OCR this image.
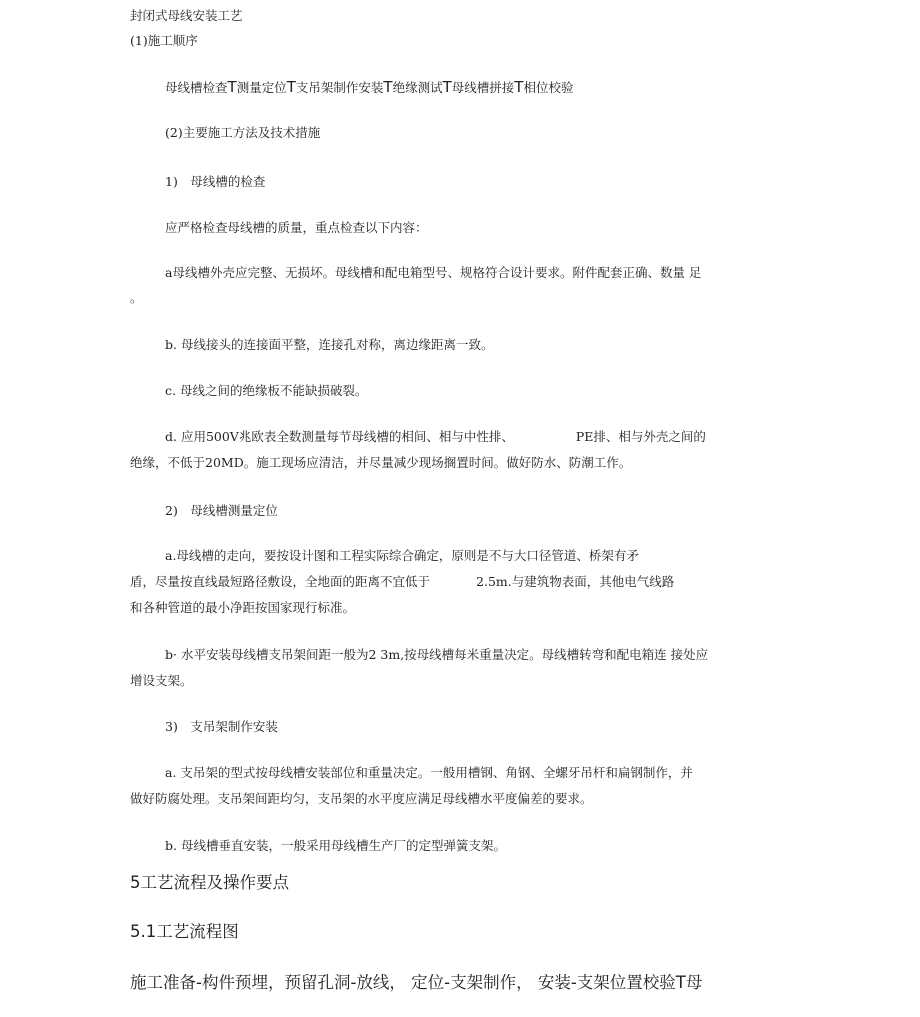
封闭式母线安装工艺
(1)施工顺序
母线槽检查T测量定位T支吊架制作安装T绝缘测试T母线槽拼接T相位校验
(2)主要施工方法及技术措施
1)　母线槽的检查
应严格检查母线槽的质量，重点检查以下内容：
a母线槽外壳应完整、无损坏。母线槽和配电箱型号、规格符合设计要求。附件配套正确、数量 足
。
b. 母线接头的连接面平整，连接孔对称，离边缘距离一致。
c. 母线之间的绝缘板不能缺损破裂。
d. 应用500V兆欧表全数测量每节母线槽的相间、相与中性排、	PE排、相与外壳之间的
绝缘，不低于20MD。施工现场应清洁，并尽量减少现场搁置时间。做好防水、防潮工作。
2)　母线槽测量定位
a.母线槽的走向，要按设计图和工程实际综合确定，原则是不与大口径管道、桥架有矛
盾，尽量按直线最短路径敷设，全地面的距离不宜低于	2.5m.与建筑物表面，其他电气线路
和各种管道的最小净距按国家现行标准。
b· 水平安装母线槽支吊架间距一般为2 3m,按母线槽每米重量决定。母线槽转弯和配电箱连 接处应
增设支架。
3)　支吊架制作安装
a. 支吊架的型式按母线槽安装部位和重量决定。一般用槽钢、角钢、全螺牙吊杆和扁钢制作，并
做好防腐处理。支吊架间距均匀，支吊架的水平度应满足母线槽水平度偏差的要求。
b. 母线槽垂直安装，一般采用母线槽生产厂的定型弹簧支架。
5工艺流程及操作要点
5.1工艺流程图
施工准备-构件预埋，预留孔洞-放线， 定位-支架制作， 安装-支架位置校验T母
